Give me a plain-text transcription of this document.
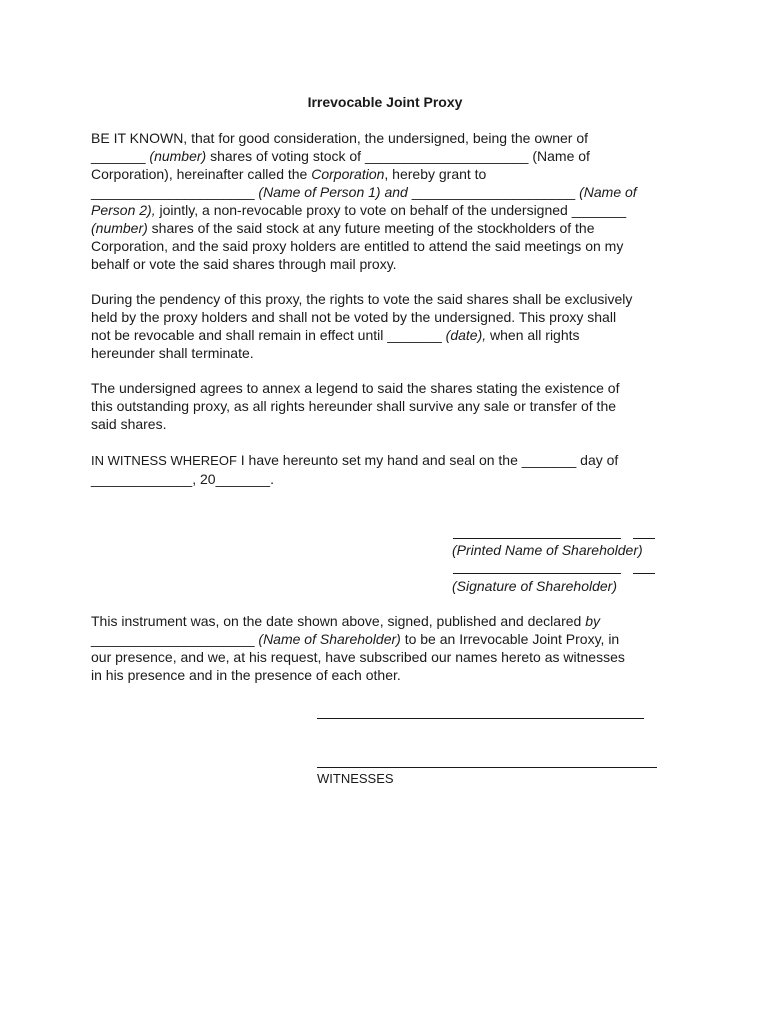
Irrevocable Joint Proxy
BE IT KNOWN, that for good consideration, the undersigned, being the owner of
_______ (number) shares of voting stock of _____________________ (Name of
Corporation), hereinafter called the Corporation, hereby grant to
_____________________ (Name of Person 1) and _____________________ (Name of
Person 2), jointly, a non-revocable proxy to vote on behalf of the undersigned _______
(number) shares of the said stock at any future meeting of the stockholders of the
Corporation, and the said proxy holders are entitled to attend the said meetings on my
behalf or vote the said shares through mail proxy.
During the pendency of this proxy, the rights to vote the said shares shall be exclusively
held by the proxy holders and shall not be voted by the undersigned. This proxy shall
not be revocable and shall remain in effect until _______ (date), when all rights
hereunder shall terminate.
The undersigned agrees to annex a legend to said the shares stating the existence of
this outstanding proxy, as all rights hereunder shall survive any sale or transfer of the
said shares.
IN WITNESS WHEREOF I have hereunto set my hand and seal on the _______ day of
_____________, 20_______.
(Printed Name of Shareholder)
(Signature of Shareholder)
This instrument was, on the date shown above, signed, published and declared by
_____________________ (Name of Shareholder) to be an Irrevocable Joint Proxy, in
our presence, and we, at his request, have subscribed our names hereto as witnesses
in his presence and in the presence of each other.
WITNESSES
